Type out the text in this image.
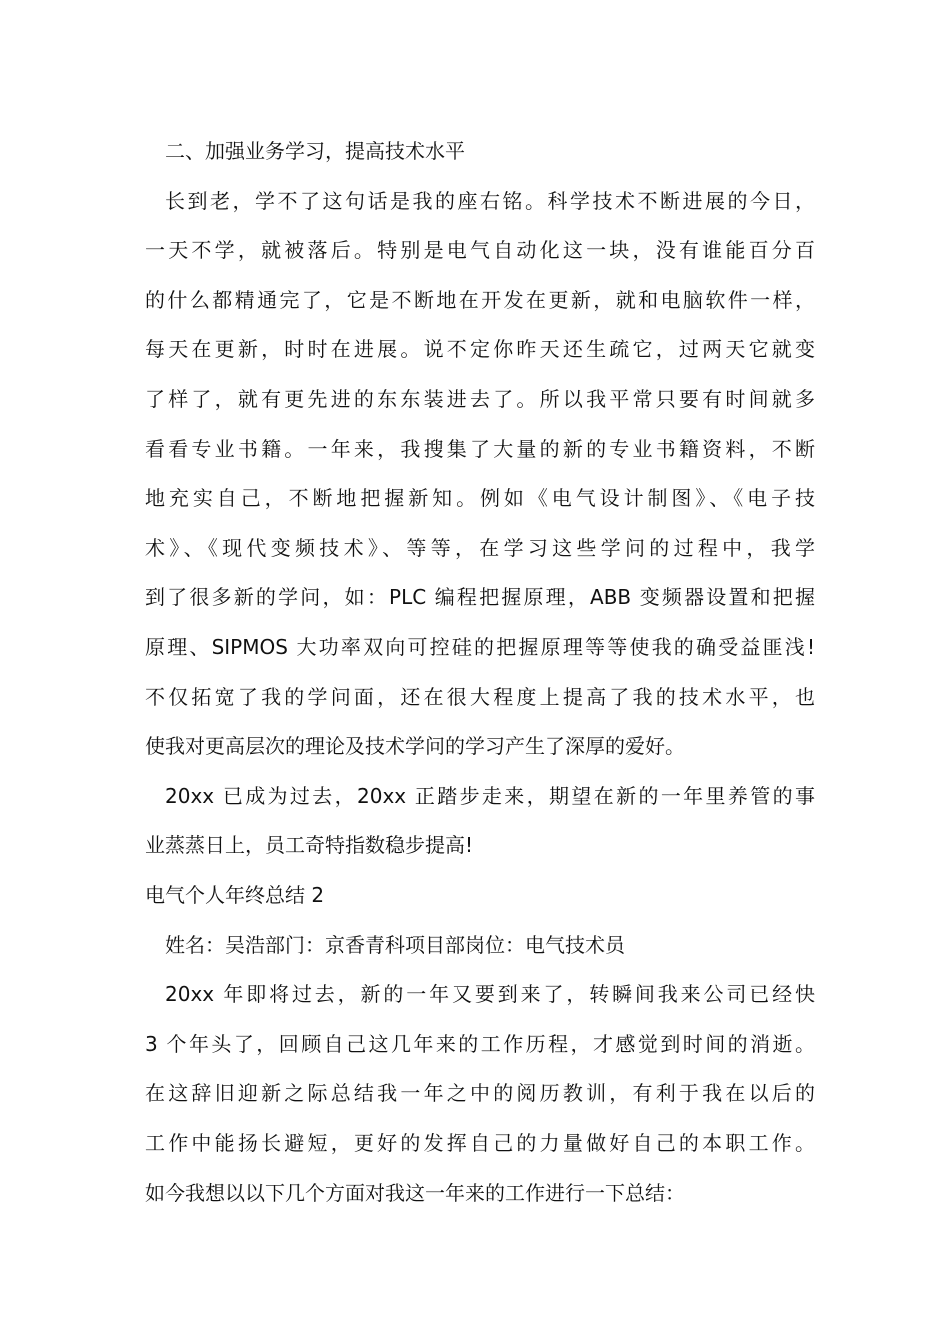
二、加强业务学习，提高技术水平
长到老，学不了这句话是我的座右铭。科学技术不断进展的今日，
一天不学，就被落后。特别是电气自动化这一块，没有谁能百分百
的什么都精通完了，它是不断地在开发在更新，就和电脑软件一样，
每天在更新，时时在进展。说不定你昨天还生疏它，过两天它就变
了样了，就有更先进的东东装进去了。所以我平常只要有时间就多
看看专业书籍。一年来，我搜集了大量的新的专业书籍资料，不断
地充实自己，不断地把握新知。例如《电气设计制图》、《电子技
术》、《现代变频技术》、等等，在学习这些学问的过程中，我学
到了很多新的学问，如：PLC 编程把握原理，ABB 变频器设置和把握
原理、SIPMOS 大功率双向可控硅的把握原理等等使我的确受益匪浅!
不仅拓宽了我的学问面，还在很大程度上提高了我的技术水平，也
使我对更高层次的理论及技术学问的学习产生了深厚的爱好。
20xx 已成为过去，20xx 正踏步走来，期望在新的一年里养管的事
业蒸蒸日上，员工奇特指数稳步提高!
电气个人年终总结 2
姓名：吴浩部门：京香青科项目部岗位：电气技术员
20xx 年即将过去，新的一年又要到来了，转瞬间我来公司已经快
3 个年头了，回顾自己这几年来的工作历程，才感觉到时间的消逝。
在这辞旧迎新之际总结我一年之中的阅历教训，有利于我在以后的
工作中能扬长避短，更好的发挥自己的力量做好自己的本职工作。
如今我想以以下几个方面对我这一年来的工作进行一下总结：
